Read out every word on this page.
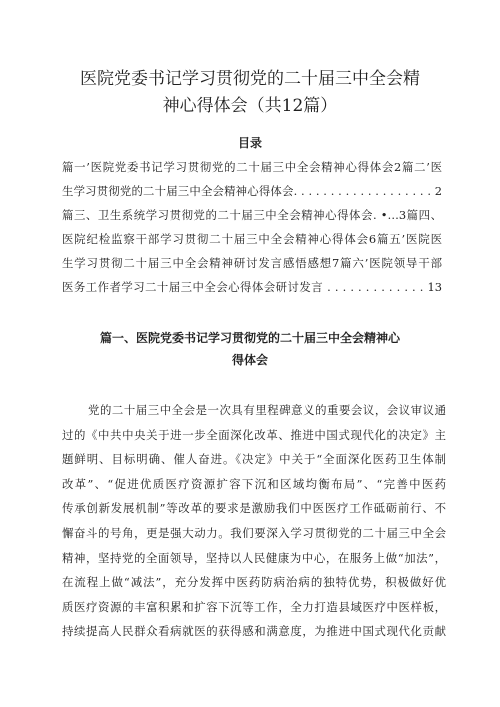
医院党委书记学习贯彻党的二十届三中全会精
神心得体会（共12篇）
目录
篇一’医院党委书记学习贯彻党的二十届三中全会精神心得体会2篇二’医
生学习贯彻党的二十届三中全会精神心得体会. . . . . . . . . . . . . . . . . . . 2
篇三、卫生系统学习贯彻党的二十届三中全会精神心得体会. •…3篇四、
医院纪检监察干部学习贯彻二十届三中全会精神心得体会6篇五’医院医
生学习贯彻二十届三中全会精神研讨发言感悟感想7篇六’医院领导干部
医务工作者学习二十届三中全会心得体会研讨发言 . . . . . . . . . . . . . 13
篇一、医院党委书记学习贯彻党的二十届三中全会精神心
得体会
党的二十届三中全会是一次具有里程碑意义的重要会议，会议审议通
过的《中共中央关于进一步全面深化改革、推进中国式现代化的决定》主
题鲜明、目标明确、催人奋进。《决定》中关于“全面深化医药卫生体制
改革”、“促进优质医疗资源扩容下沉和区域均衡布局”、“完善中医药
传承创新发展机制”等改革的要求是激励我们中医医疗工作砥砺前行、不
懈奋斗的号角，更是强大动力。我们要深入学习贯彻党的二十届三中全会
精神，坚持党的全面领导，坚持以人民健康为中心，在服务上做“加法”，
在流程上做“减法”，充分发挥中医药防病治病的独特优势，积极做好优
质医疗资源的丰富积累和扩容下沉等工作，全力打造县域医疗中医样板，
持续提高人民群众看病就医的获得感和满意度，为推进中国式现代化贡献
